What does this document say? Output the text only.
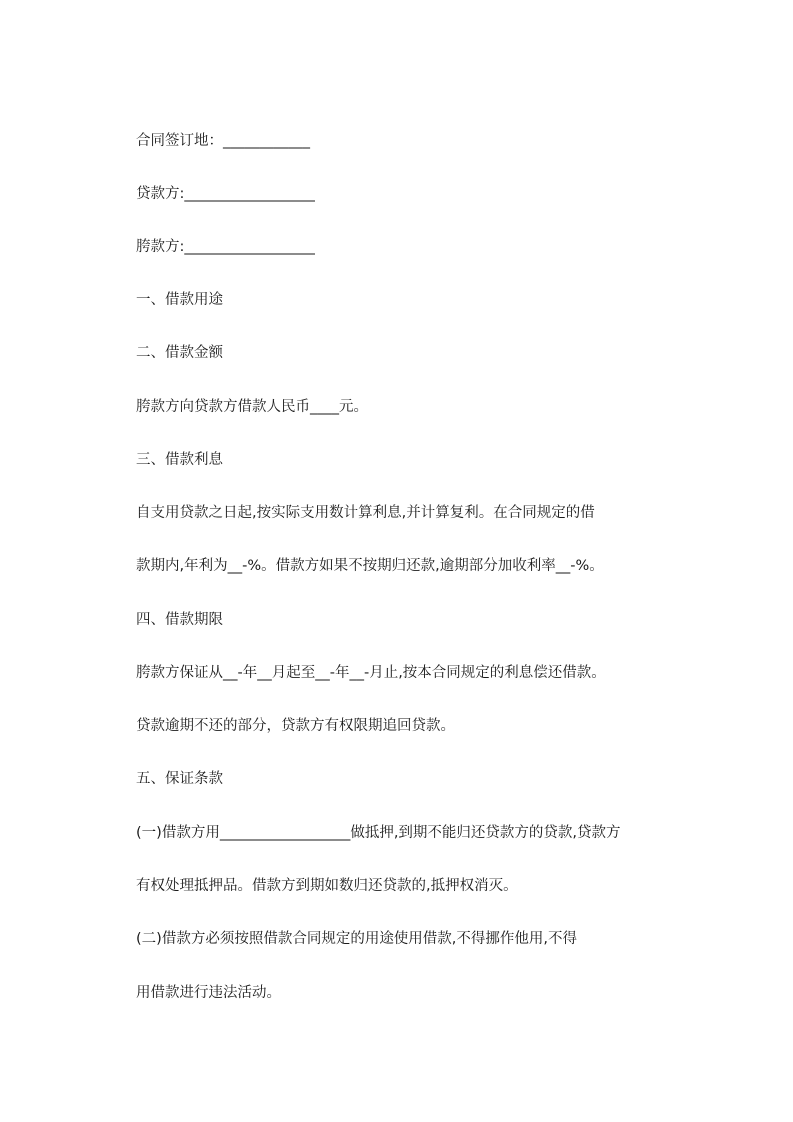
合同签订地：____________
贷款方:__________________
胯款方:__________________
一、借款用途
二、借款金额
胯款方向贷款方借款人民币____元。
三、借款利息
自支用贷款之日起,按实际支用数计算利息,并计算复利。在合同规定的借
款期内,年利为__-%。借款方如果不按期归还款,逾期部分加收利率__-%。
四、借款期限
胯款方保证从__-年__月起至__-年__-月止,按本合同规定的利息偿还借款。
贷款逾期不还的部分，贷款方有权限期追回贷款。
五、保证条款
(一)借款方用__________________做抵押,到期不能归还贷款方的贷款,贷款方
有权处理抵押品。借款方到期如数归还贷款的,抵押权消灭。
(二)借款方必须按照借款合同规定的用途使用借款,不得挪作他用,不得
用借款进行违法活动。
